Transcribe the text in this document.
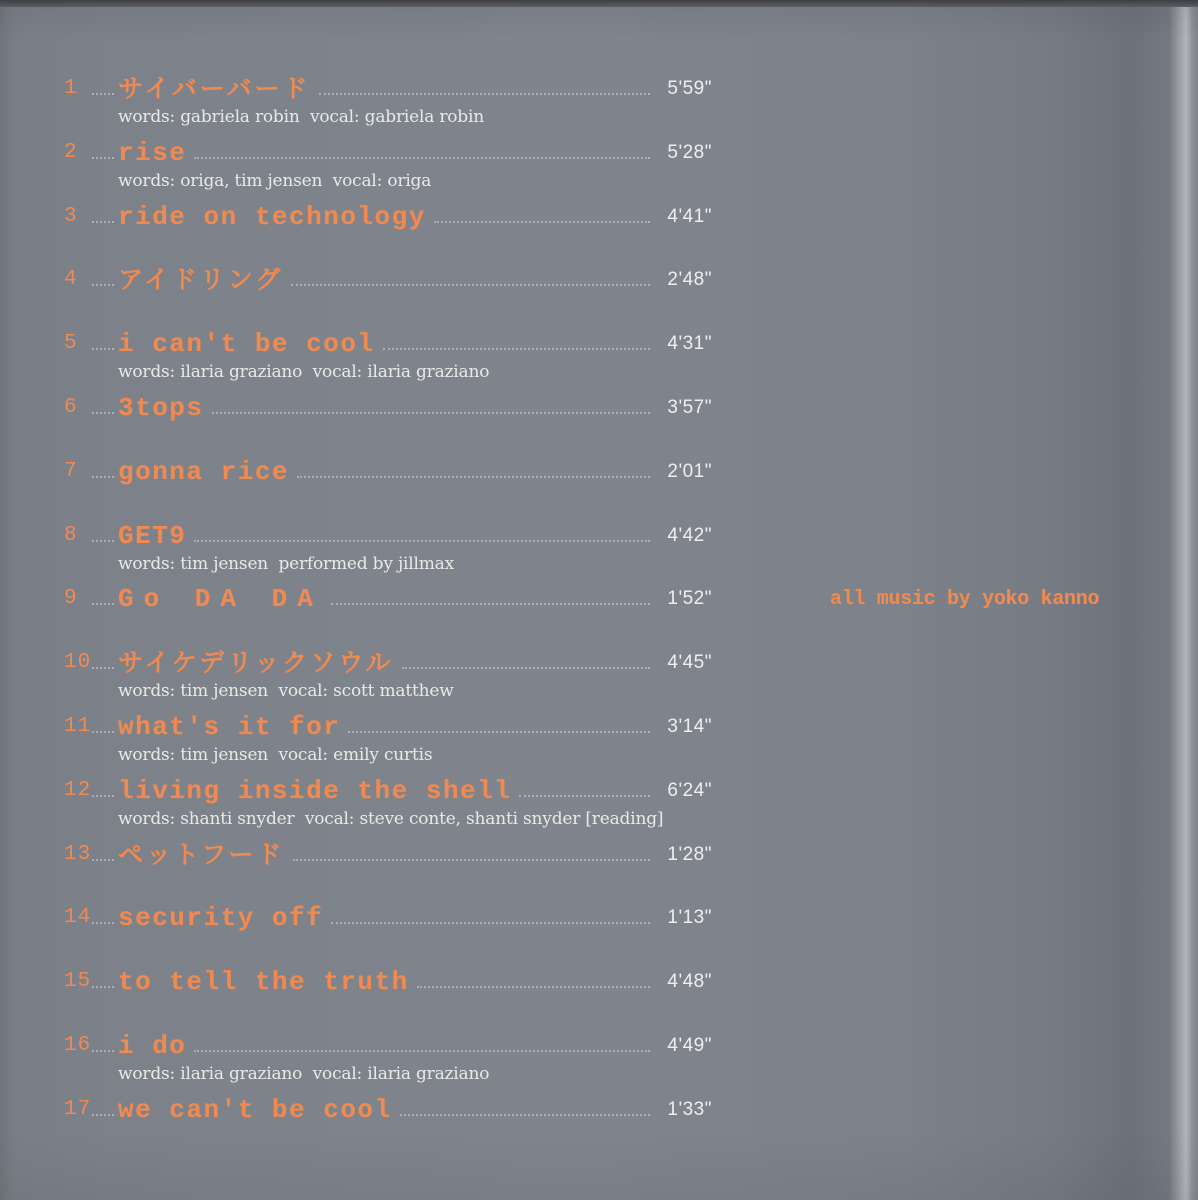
1	サイバーバード	5'59"
words: gabriela robin  vocal: gabriela robin
2	rise	5'28"
words: origa, tim jensen  vocal: origa
3	ride on technology	4'41"
4	アイドリング	2'48"
5	i can't be cool	4'31"
words: ilaria graziano  vocal: ilaria graziano
6	3tops	3'57"
7	gonna rice	2'01"
8	GET9	4'42"
words: tim jensen  performed by jillmax
9	Go DA DA	1'52"
10 サイケデリックソウル	4'45"
words: tim jensen  vocal: scott matthew
11 what's it for	3'14"
words: tim jensen  vocal: emily curtis
12 living inside the shell	6'24"
words: shanti snyder  vocal: steve conte, shanti snyder [reading]
13 ペットフード	1'28"
14 security off	1'13"
15 to tell the truth	4'48"
16 i do	4'49"
words: ilaria graziano  vocal: ilaria graziano
17 we can't be cool	1'33"
all music by yoko kanno
